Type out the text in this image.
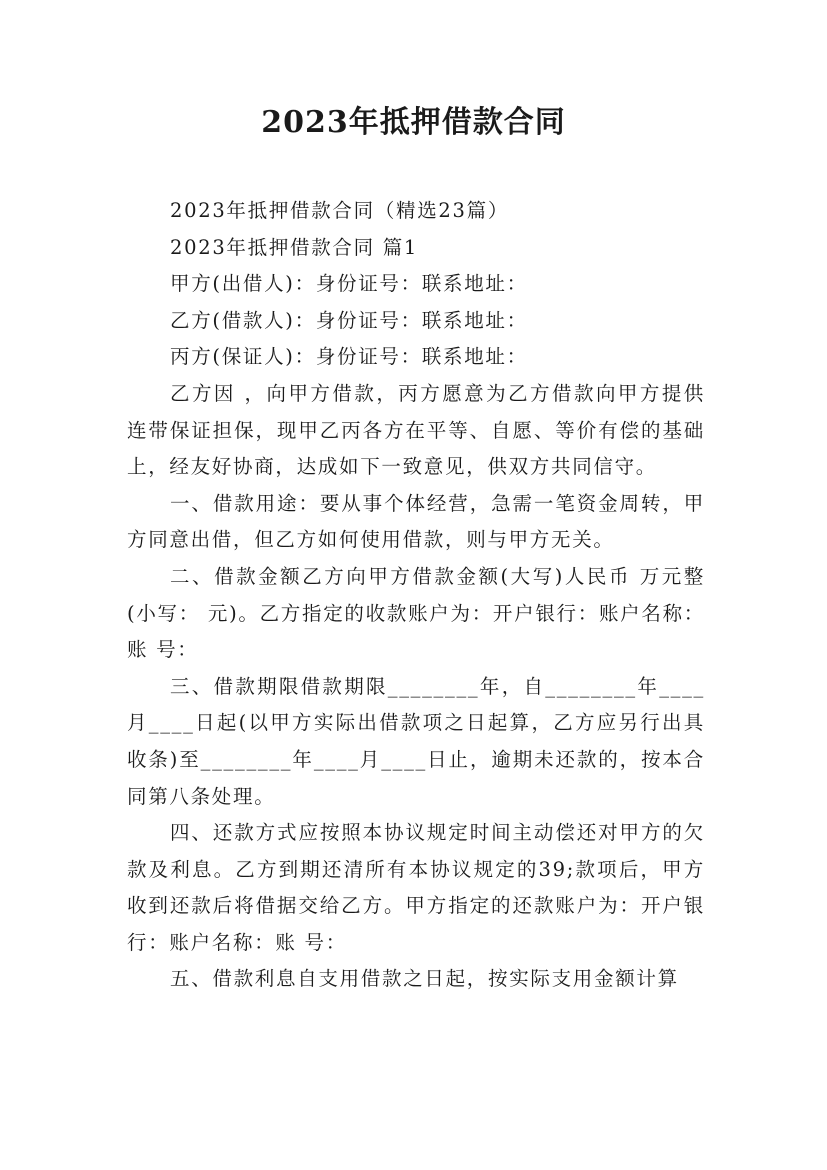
2023年抵押借款合同

2023年抵押借款合同（精选23篇）

2023年抵押借款合同 篇1

甲方(出借人)：身份证号：联系地址：

乙方(借款人)：身份证号：联系地址：

丙方(保证人)：身份证号：联系地址：

乙方因 ，向甲方借款，丙方愿意为乙方借款向甲方提供连带保证担保，现甲乙丙各方在平等、自愿、等价有偿的基础上，经友好协商，达成如下一致意见，供双方共同信守。

一、借款用途：要从事个体经营，急需一笔资金周转，甲方同意出借，但乙方如何使用借款，则与甲方无关。

二、借款金额乙方向甲方借款金额(大写)人民币 万元整(小写： 元)。乙方指定的收款账户为：开户银行：账户名称：账 号：

三、借款期限借款期限________年，自________年____月____日起(以甲方实际出借款项之日起算，乙方应另行出具收条)至________年____月____日止，逾期未还款的，按本合同第八条处理。

四、还款方式应按照本协议规定时间主动偿还对甲方的欠款及利息。乙方到期还清所有本协议规定的39;款项后，甲方收到还款后将借据交给乙方。甲方指定的还款账户为：开户银行：账户名称：账 号：

五、借款利息自支用借款之日起，按实际支用金额计算
